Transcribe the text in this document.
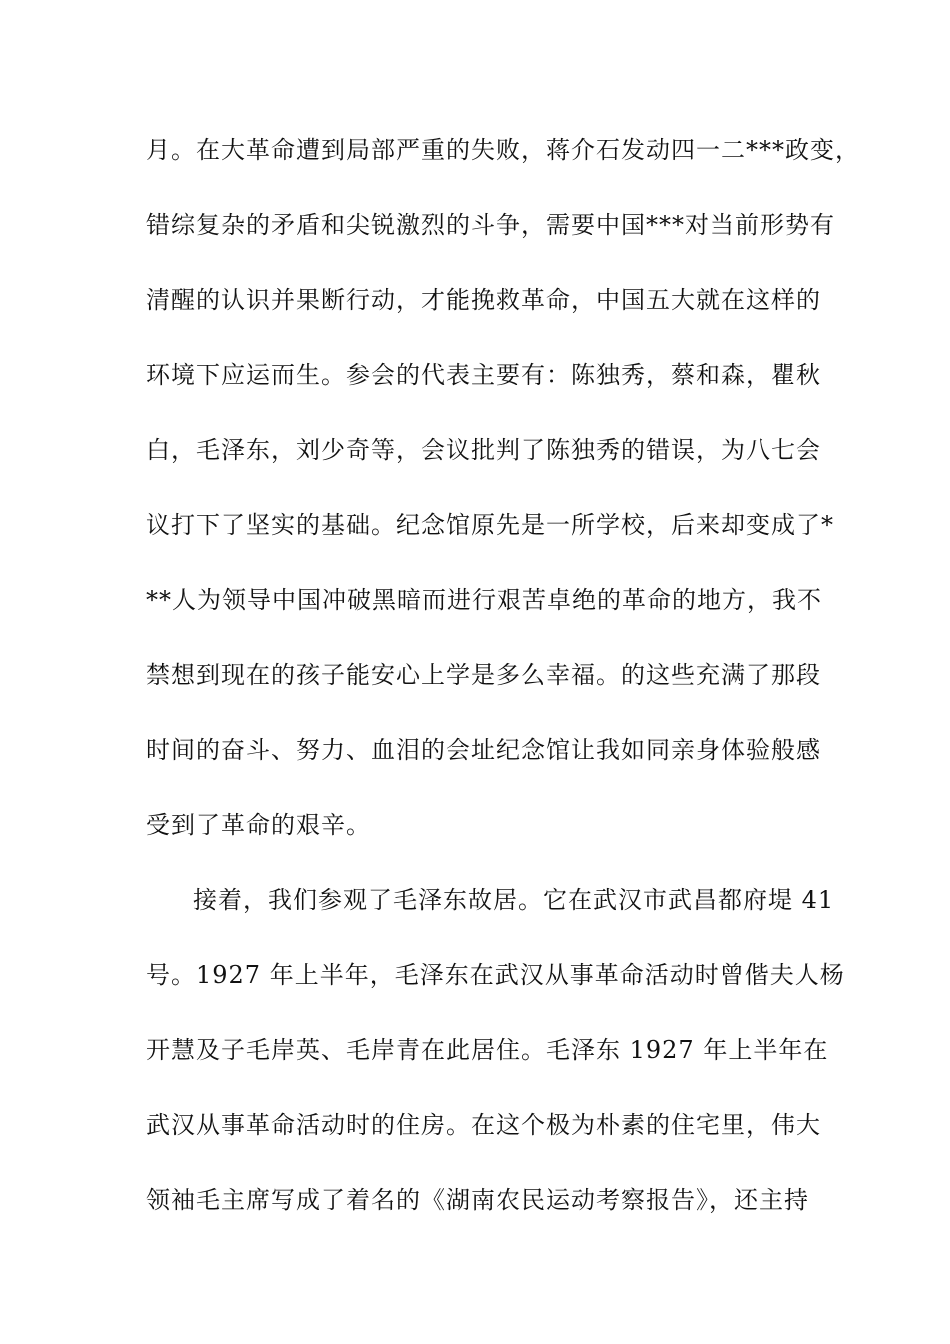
月。在大革命遭到局部严重的失败，蒋介石发动四一二***政变，
错综复杂的矛盾和尖锐激烈的斗争，需要中国***对当前形势有
清醒的认识并果断行动，才能挽救革命，中国五大就在这样的
环境下应运而生。参会的代表主要有：陈独秀，蔡和森，瞿秋
白，毛泽东，刘少奇等，会议批判了陈独秀的错误，为八七会
议打下了坚实的基础。纪念馆原先是一所学校，后来却变成了*
**人为领导中国冲破黑暗而进行艰苦卓绝的革命的地方，我不
禁想到现在的孩子能安心上学是多么幸福。的这些充满了那段
时间的奋斗、努力、血泪的会址纪念馆让我如同亲身体验般感
受到了革命的艰辛。
接着，我们参观了毛泽东故居。它在武汉市武昌都府堤 41
号。1927 年上半年，毛泽东在武汉从事革命活动时曾偕夫人杨
开慧及子毛岸英、毛岸青在此居住。毛泽东 1927 年上半年在
武汉从事革命活动时的住房。在这个极为朴素的住宅里，伟大
领袖毛主席写成了着名的《湖南农民运动考察报告》，还主持
